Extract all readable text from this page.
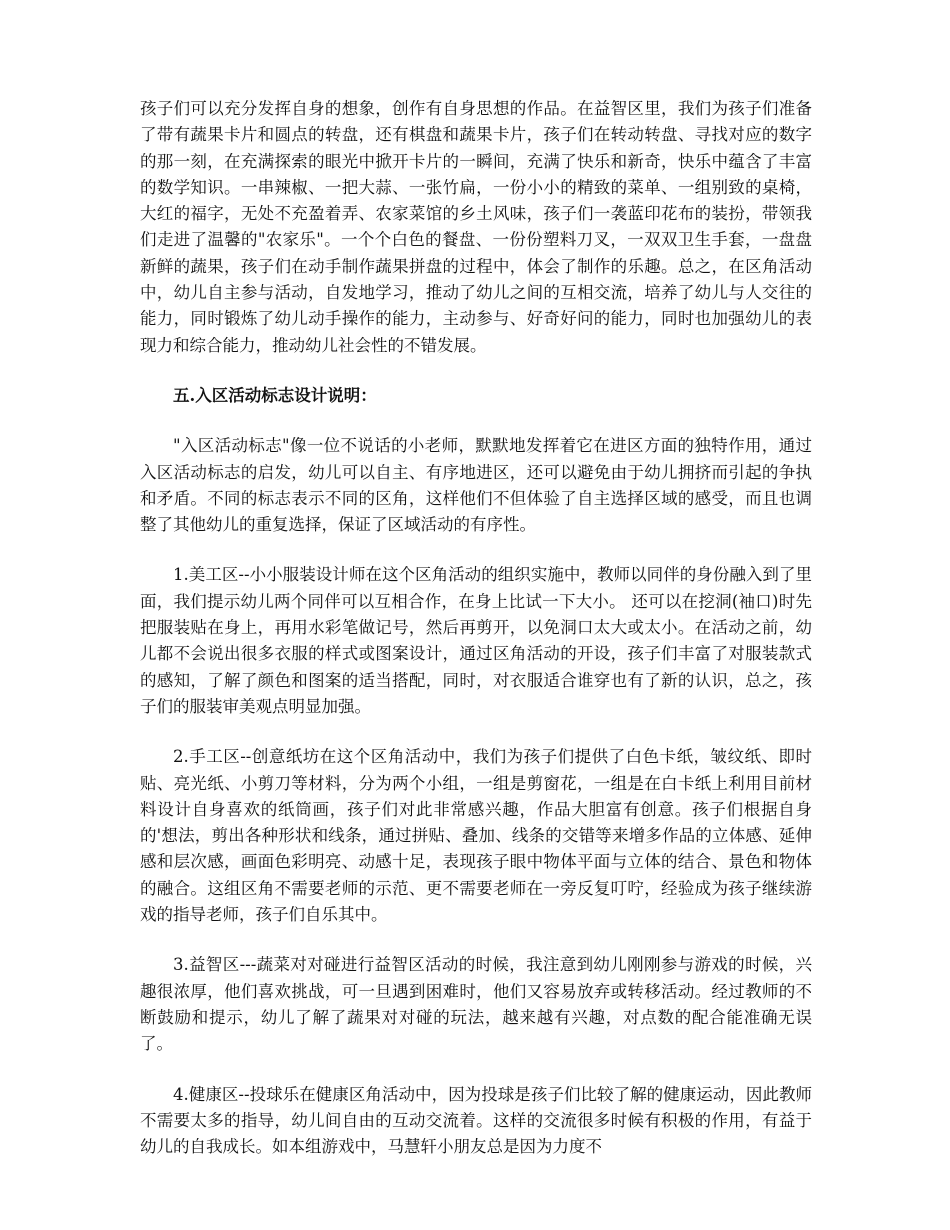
孩子们可以充分发挥自身的想象，创作有自身思想的作品。在益智区里，我们为孩子们准备了带有蔬果卡片和圆点的转盘，还有棋盘和蔬果卡片，孩子们在转动转盘、寻找对应的数字的那一刻，在充满探索的眼光中掀开卡片的一瞬间，充满了快乐和新奇，快乐中蕴含了丰富的数学知识。一串辣椒、一把大蒜、一张竹扁，一份小小的精致的菜单、一组别致的桌椅，大红的福字，无处不充盈着弄、农家菜馆的乡土风味，孩子们一袭蓝印花布的装扮，带领我们走进了温馨的"农家乐"。一个个白色的餐盘、一份份塑料刀叉，一双双卫生手套，一盘盘新鲜的蔬果，孩子们在动手制作蔬果拼盘的过程中，体会了制作的乐趣。总之，在区角活动中，幼儿自主参与活动，自发地学习，推动了幼儿之间的互相交流，培养了幼儿与人交往的能力，同时锻炼了幼儿动手操作的能力，主动参与、好奇好问的能力，同时也加强幼儿的表现力和综合能力，推动幼儿社会性的不错发展。

五.入区活动标志设计说明：

"入区活动标志"像一位不说话的小老师，默默地发挥着它在进区方面的独特作用，通过入区活动标志的启发，幼儿可以自主、有序地进区，还可以避免由于幼儿拥挤而引起的争执和矛盾。不同的标志表示不同的区角，这样他们不但体验了自主选择区域的感受，而且也调整了其他幼儿的重复选择，保证了区域活动的有序性。

1.美工区--小小服装设计师在这个区角活动的组织实施中，教师以同伴的身份融入到了里面，我们提示幼儿两个同伴可以互相合作，在身上比试一下大小。 还可以在挖洞(袖口)时先把服装贴在身上，再用水彩笔做记号，然后再剪开，以免洞口太大或太小。在活动之前，幼儿都不会说出很多衣服的样式或图案设计，通过区角活动的开设，孩子们丰富了对服装款式的感知，了解了颜色和图案的适当搭配，同时，对衣服适合谁穿也有了新的认识，总之，孩子们的服装审美观点明显加强。

2.手工区--创意纸坊在这个区角活动中，我们为孩子们提供了白色卡纸，皱纹纸、即时贴、亮光纸、小剪刀等材料，分为两个小组，一组是剪窗花，一组是在白卡纸上利用目前材料设计自身喜欢的纸筒画，孩子们对此非常感兴趣，作品大胆富有创意。孩子们根据自身的'想法，剪出各种形状和线条，通过拼贴、叠加、线条的交错等来增多作品的立体感、延伸感和层次感，画面色彩明亮、动感十足，表现孩子眼中物体平面与立体的结合、景色和物体的融合。这组区角不需要老师的示范、更不需要老师在一旁反复叮咛，经验成为孩子继续游戏的指导老师，孩子们自乐其中。

3.益智区---蔬菜对对碰进行益智区活动的时候，我注意到幼儿刚刚参与游戏的时候，兴趣很浓厚，他们喜欢挑战，可一旦遇到困难时，他们又容易放弃或转移活动。经过教师的不断鼓励和提示，幼儿了解了蔬果对对碰的玩法，越来越有兴趣，对点数的配合能准确无误了。

4.健康区--投球乐在健康区角活动中，因为投球是孩子们比较了解的健康运动，因此教师不需要太多的指导，幼儿间自由的互动交流着。这样的交流很多时候有积极的作用，有益于幼儿的自我成长。如本组游戏中，马慧轩小朋友总是因为力度不
